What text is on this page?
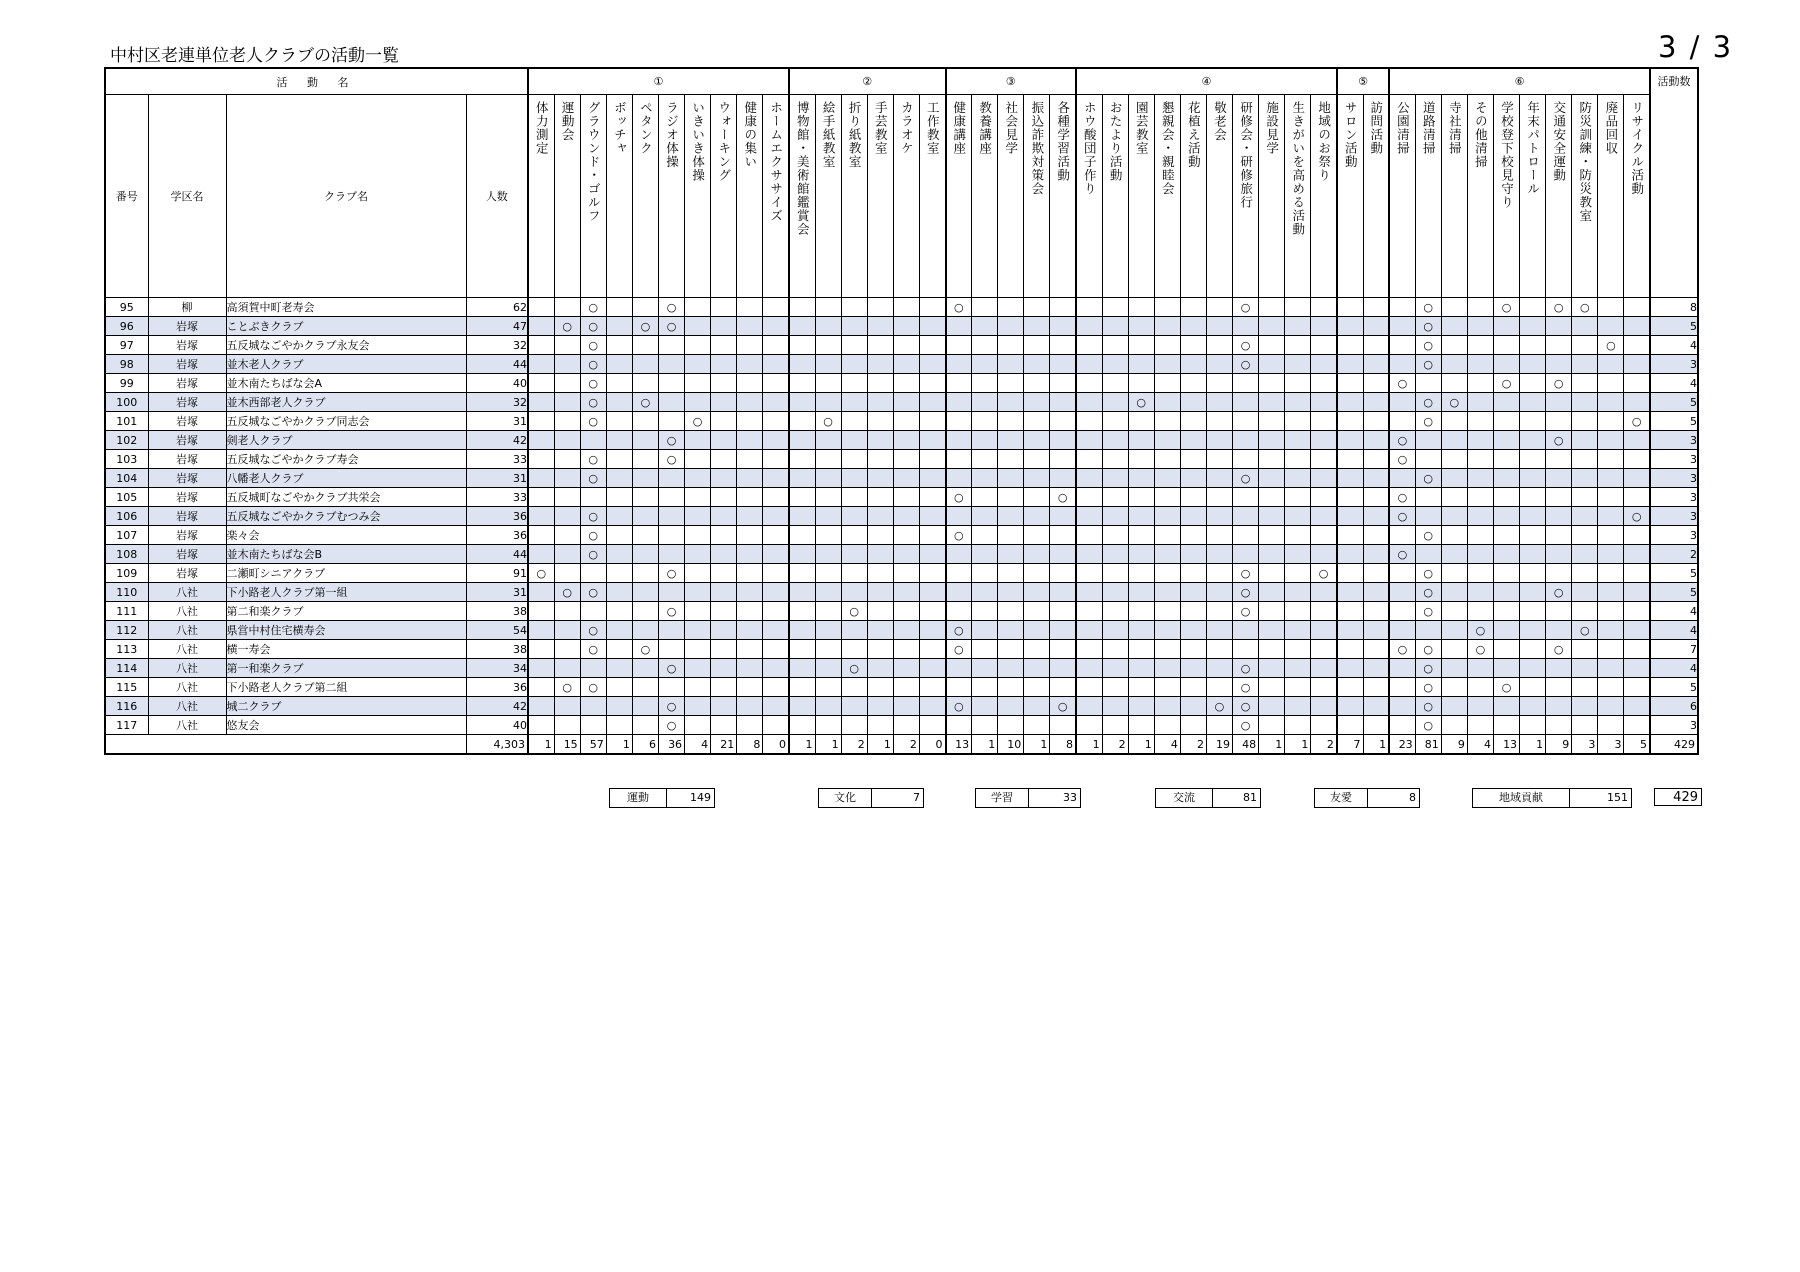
中村区老連単位老人クラブの活動一覧	3 / 3
活 動 名				①										②						③					④										⑤		⑥										活動数
				体力測定	運動会	グラウンド・ゴルフ	ボッチャ	ペタンク	ラジオ体操	いきいき体操	ウォーキング	健康の集い	ホームエクササイズ	博物館・美術館鑑賞会	絵手紙教室	折り紙教室	手芸教室	カラオケ	工作教室	健康講座	教養講座	社会見学	振込詐欺対策会	各種学習活動	ホウ酸団子作り	おたより活動	園芸教室	懇親会・親睦会	花植え活動	敬老会	研修会・研修旅行	施設見学	生きがいを高める活動	地域のお祭り	サロン活動	訪問活動	公園清掃	道路清掃	寺社清掃	その他清掃	学校登下校見守り	年末パトロール	交通安全運動	防災訓練・防災教室	廃品回収	リサイクル活動	
番号	学区名	クラブ名	人数																																												
95	柳	高須賀中町老寿会	62			○			○											○											○							○			○		○	○			8
96	岩塚	ことぶきクラブ	47		○	○		○	○																													○									5
97	岩塚	五反城なごやかクラブ永友会	32			○																									○							○							○		4
98	岩塚	並木老人クラブ	44			○																									○							○									3
99	岩塚	並木南たちばな会A	40			○																															○				○		○				4
100	岩塚	並木西部老人クラブ	32			○		○																			○											○	○								5
101	岩塚	五反城なごやかクラブ同志会	31			○				○					○																							○								○	5
102	岩塚	剣老人クラブ	42						○																												○						○				3
103	岩塚	五反城なごやかクラブ寿会	33			○			○																												○										3
104	岩塚	八幡老人クラブ	31			○																									○							○									3
105	岩塚	五反城町なごやかクラブ共栄会	33																	○				○													○										3
106	岩塚	五反城なごやかクラブむつみ会	36			○																															○									○	3
107	岩塚	楽々会	36			○														○																		○									3
108	岩塚	並木南たちばな会B	44			○																															○										2
109	岩塚	二瀬町シニアクラブ	91	○					○																						○			○				○									5
110	八社	下小路老人クラブ第一組	31		○	○																									○							○					○				5
111	八社	第二和楽クラブ	38						○							○															○							○									4
112	八社	県営中村住宅横寿会	54			○														○																				○				○			4
113	八社	横一寿会	38			○		○												○																	○	○		○			○				7
114	八社	第一和楽クラブ	34						○							○															○							○									4
115	八社	下小路老人クラブ第二組	36		○	○																									○							○			○						5
116	八社	城二クラブ	42						○											○				○						○	○							○									6
117	八社	悠友会	40						○																						○							○									3
			4,303	1	15	57	1	6	36	4	21	8	0	1	1	2	1	2	0	13	1	10	1	8	1	2	1	4	2	19	48	1	1	2	7	1	23	81	9	4	13	1	9	3	3	5	429
運動	149	文化	7	学習	33	交流	81	友愛	8	地域貢献	151	429
